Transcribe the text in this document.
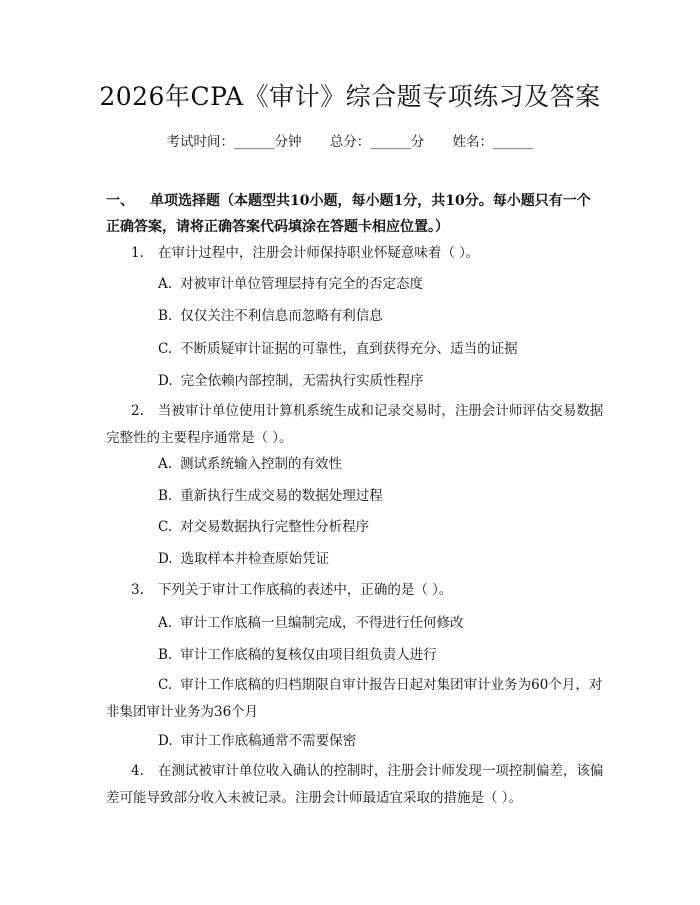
2026年CPA《审计》综合题专项练习及答案
考试时间：______分钟 总分：______分 姓名：______
一、 单项选择题（本题型共10小题，每小题1分，共10分。每小题只有一个正确答案，请将正确答案代码填涂在答题卡相应位置。）
1. 在审计过程中，注册会计师保持职业怀疑意味着（ ）。
A. 对被审计单位管理层持有完全的否定态度
B. 仅仅关注不利信息而忽略有利信息
C. 不断质疑审计证据的可靠性，直到获得充分、适当的证据
D. 完全依赖内部控制，无需执行实质性程序
2. 当被审计单位使用计算机系统生成和记录交易时，注册会计师评估交易数据完整性的主要程序通常是（ ）。
A. 测试系统输入控制的有效性
B. 重新执行生成交易的数据处理过程
C. 对交易数据执行完整性分析程序
D. 选取样本并检查原始凭证
3. 下列关于审计工作底稿的表述中，正确的是（ ）。
A. 审计工作底稿一旦编制完成，不得进行任何修改
B. 审计工作底稿的复核仅由项目组负责人进行
C. 审计工作底稿的归档期限自审计报告日起对集团审计业务为60个月，对非集团审计业务为36个月
D. 审计工作底稿通常不需要保密
4. 在测试被审计单位收入确认的控制时，注册会计师发现一项控制偏差，该偏差可能导致部分收入未被记录。注册会计师最适宜采取的措施是（ ）。
